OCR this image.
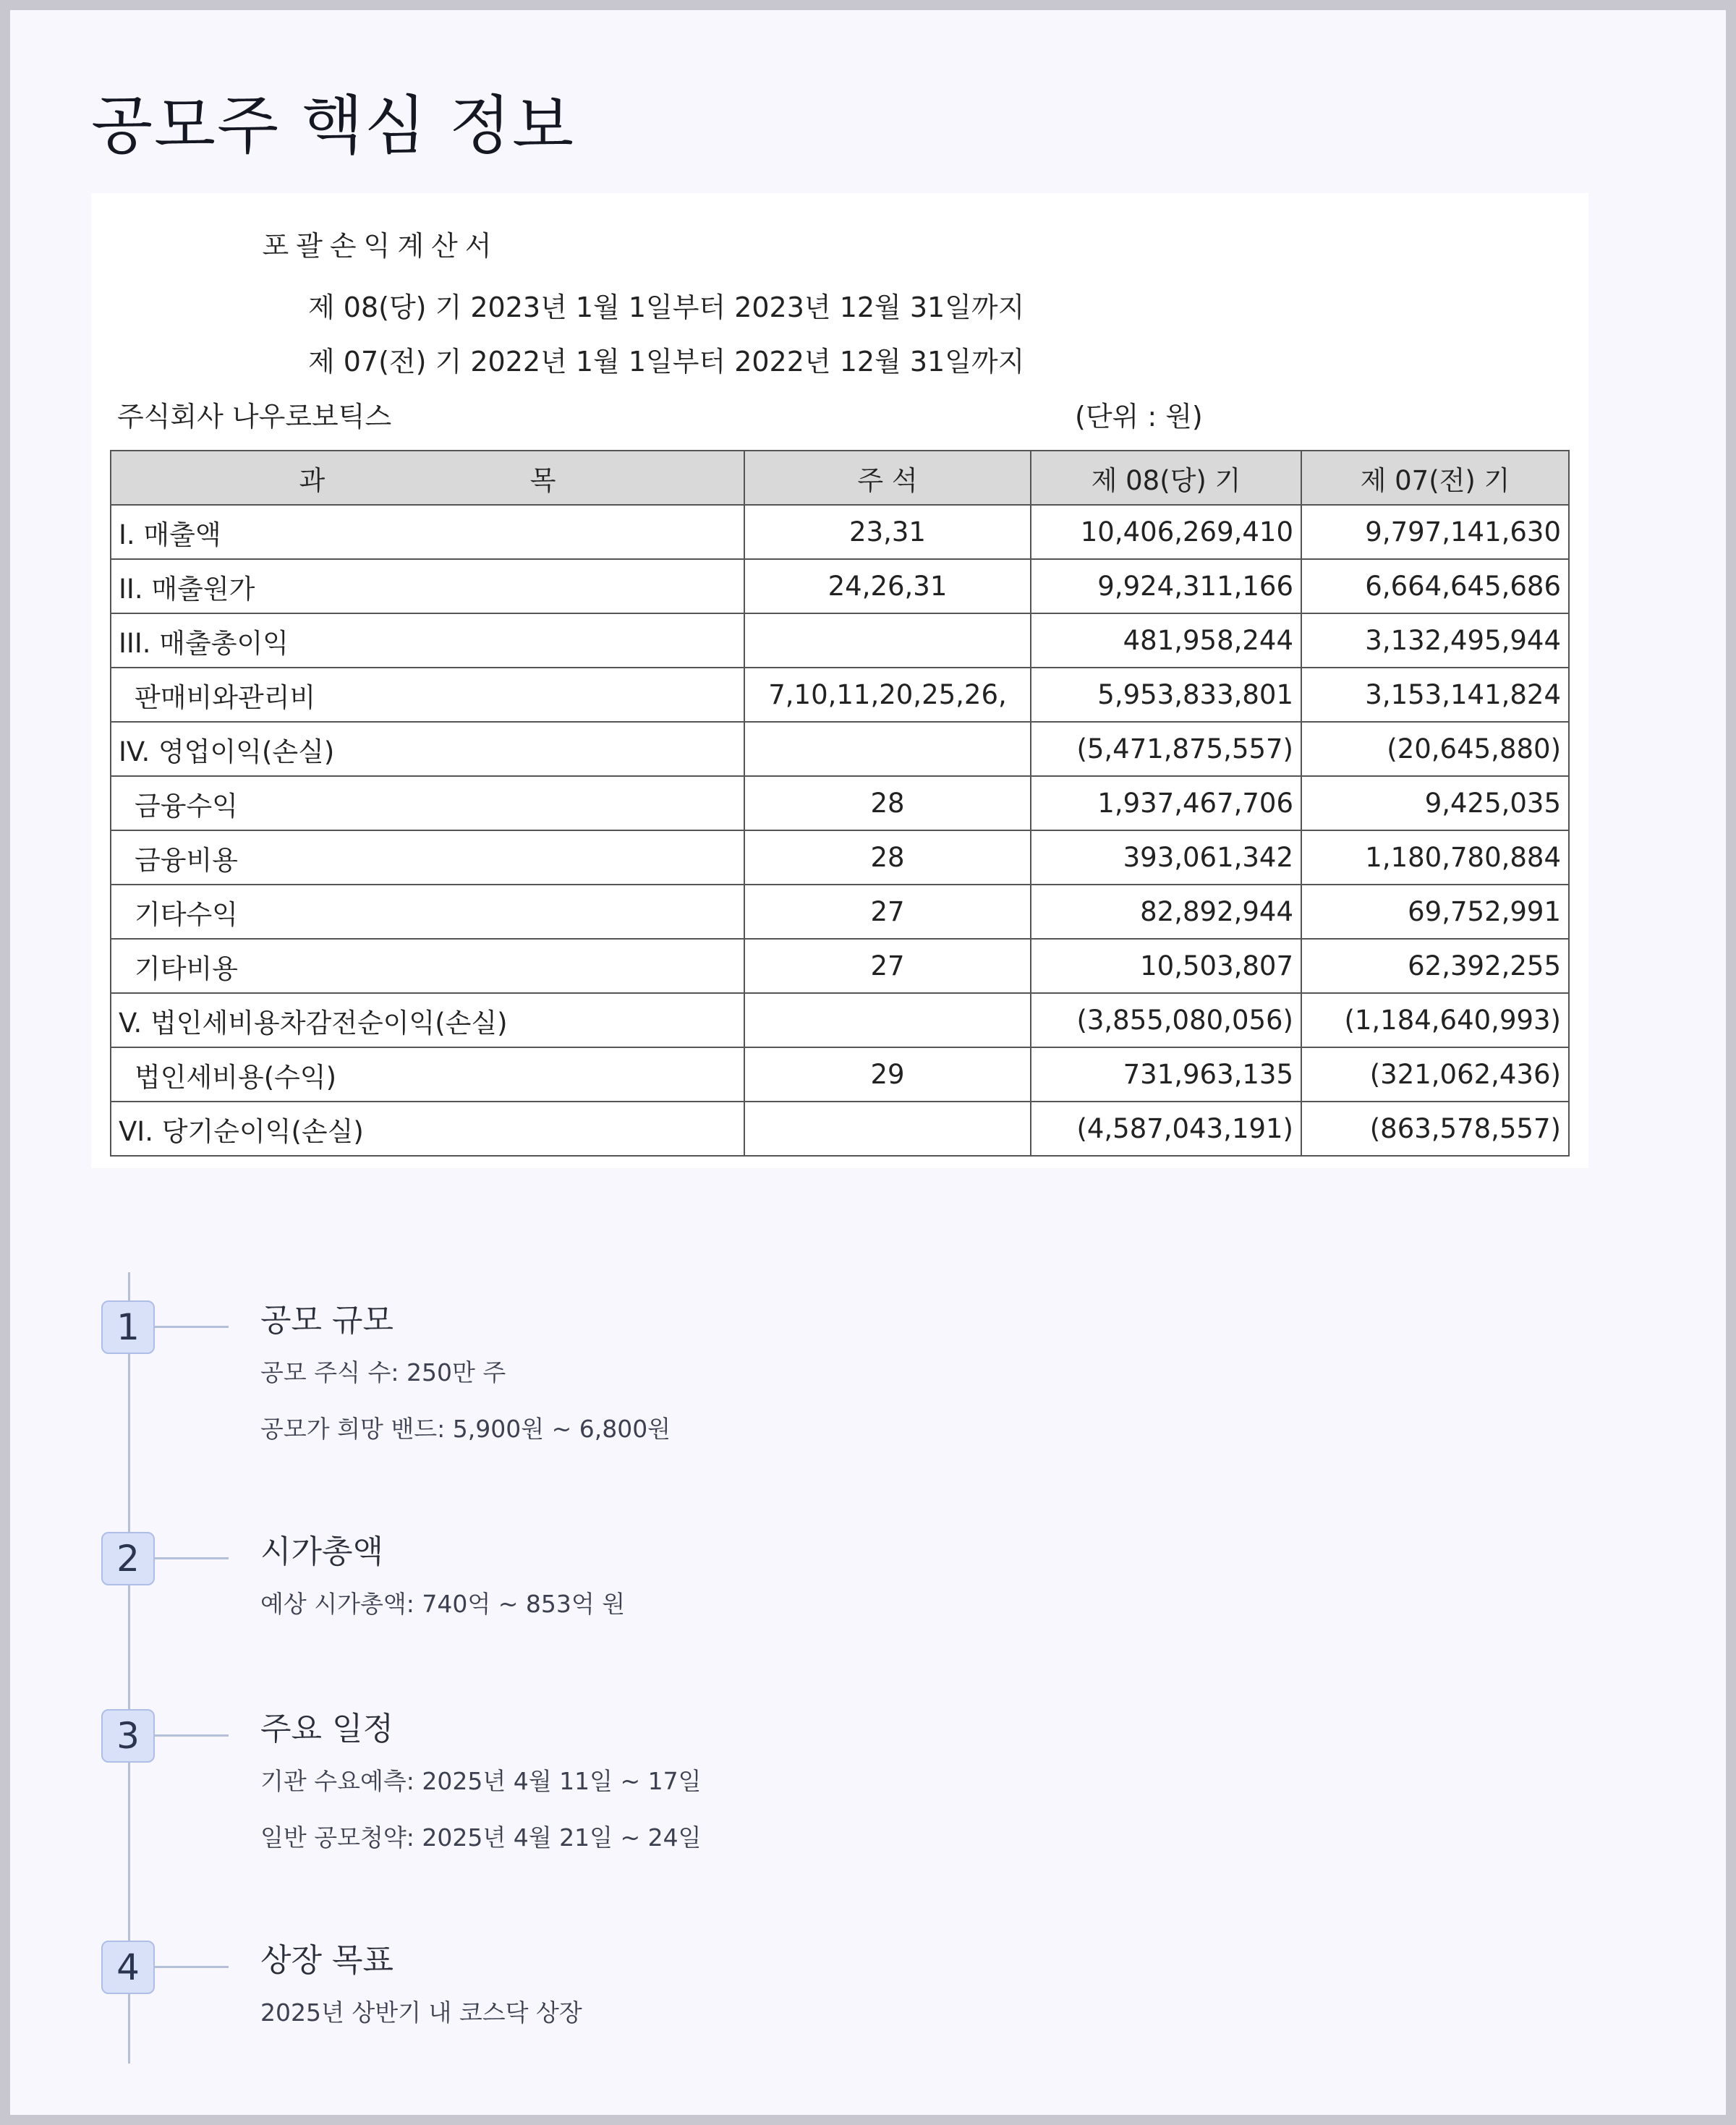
공모주 핵심 정보
포괄손익계산서
제 08(당) 기 2023년 1월 1일부터 2023년 12월 31일까지
제 07(전) 기 2022년 1월 1일부터 2022년 12월 31일까지
주식회사 나우로보틱스	(단위 : 원)
과 목	주 석	제 08(당) 기	제 07(전) 기
I. 매출액	23,31	10,406,269,410	9,797,141,630
II. 매출원가	24,26,31	9,924,311,166	6,664,645,686
III. 매출총이익		481,958,244	3,132,495,944
판매비와관리비	7,10,11,20,25,26,	5,953,833,801	3,153,141,824
IV. 영업이익(손실)		(5,471,875,557)	(20,645,880)
금융수익	28	1,937,467,706	9,425,035
금융비용	28	393,061,342	1,180,780,884
기타수익	27	82,892,944	69,752,991
기타비용	27	10,503,807	62,392,255
V. 법인세비용차감전순이익(손실)		(3,855,080,056)	(1,184,640,993)
법인세비용(수익)	29	731,963,135	(321,062,436)
VI. 당기순이익(손실)		(4,587,043,191)	(863,578,557)
1	공모 규모
공모 주식 수: 250만 주
공모가 희망 밴드: 5,900원 ~ 6,800원
2	시가총액
예상 시가총액: 740억 ~ 853억 원
3	주요 일정
기관 수요예측: 2025년 4월 11일 ~ 17일
일반 공모청약: 2025년 4월 21일 ~ 24일
4	상장 목표
2025년 상반기 내 코스닥 상장
